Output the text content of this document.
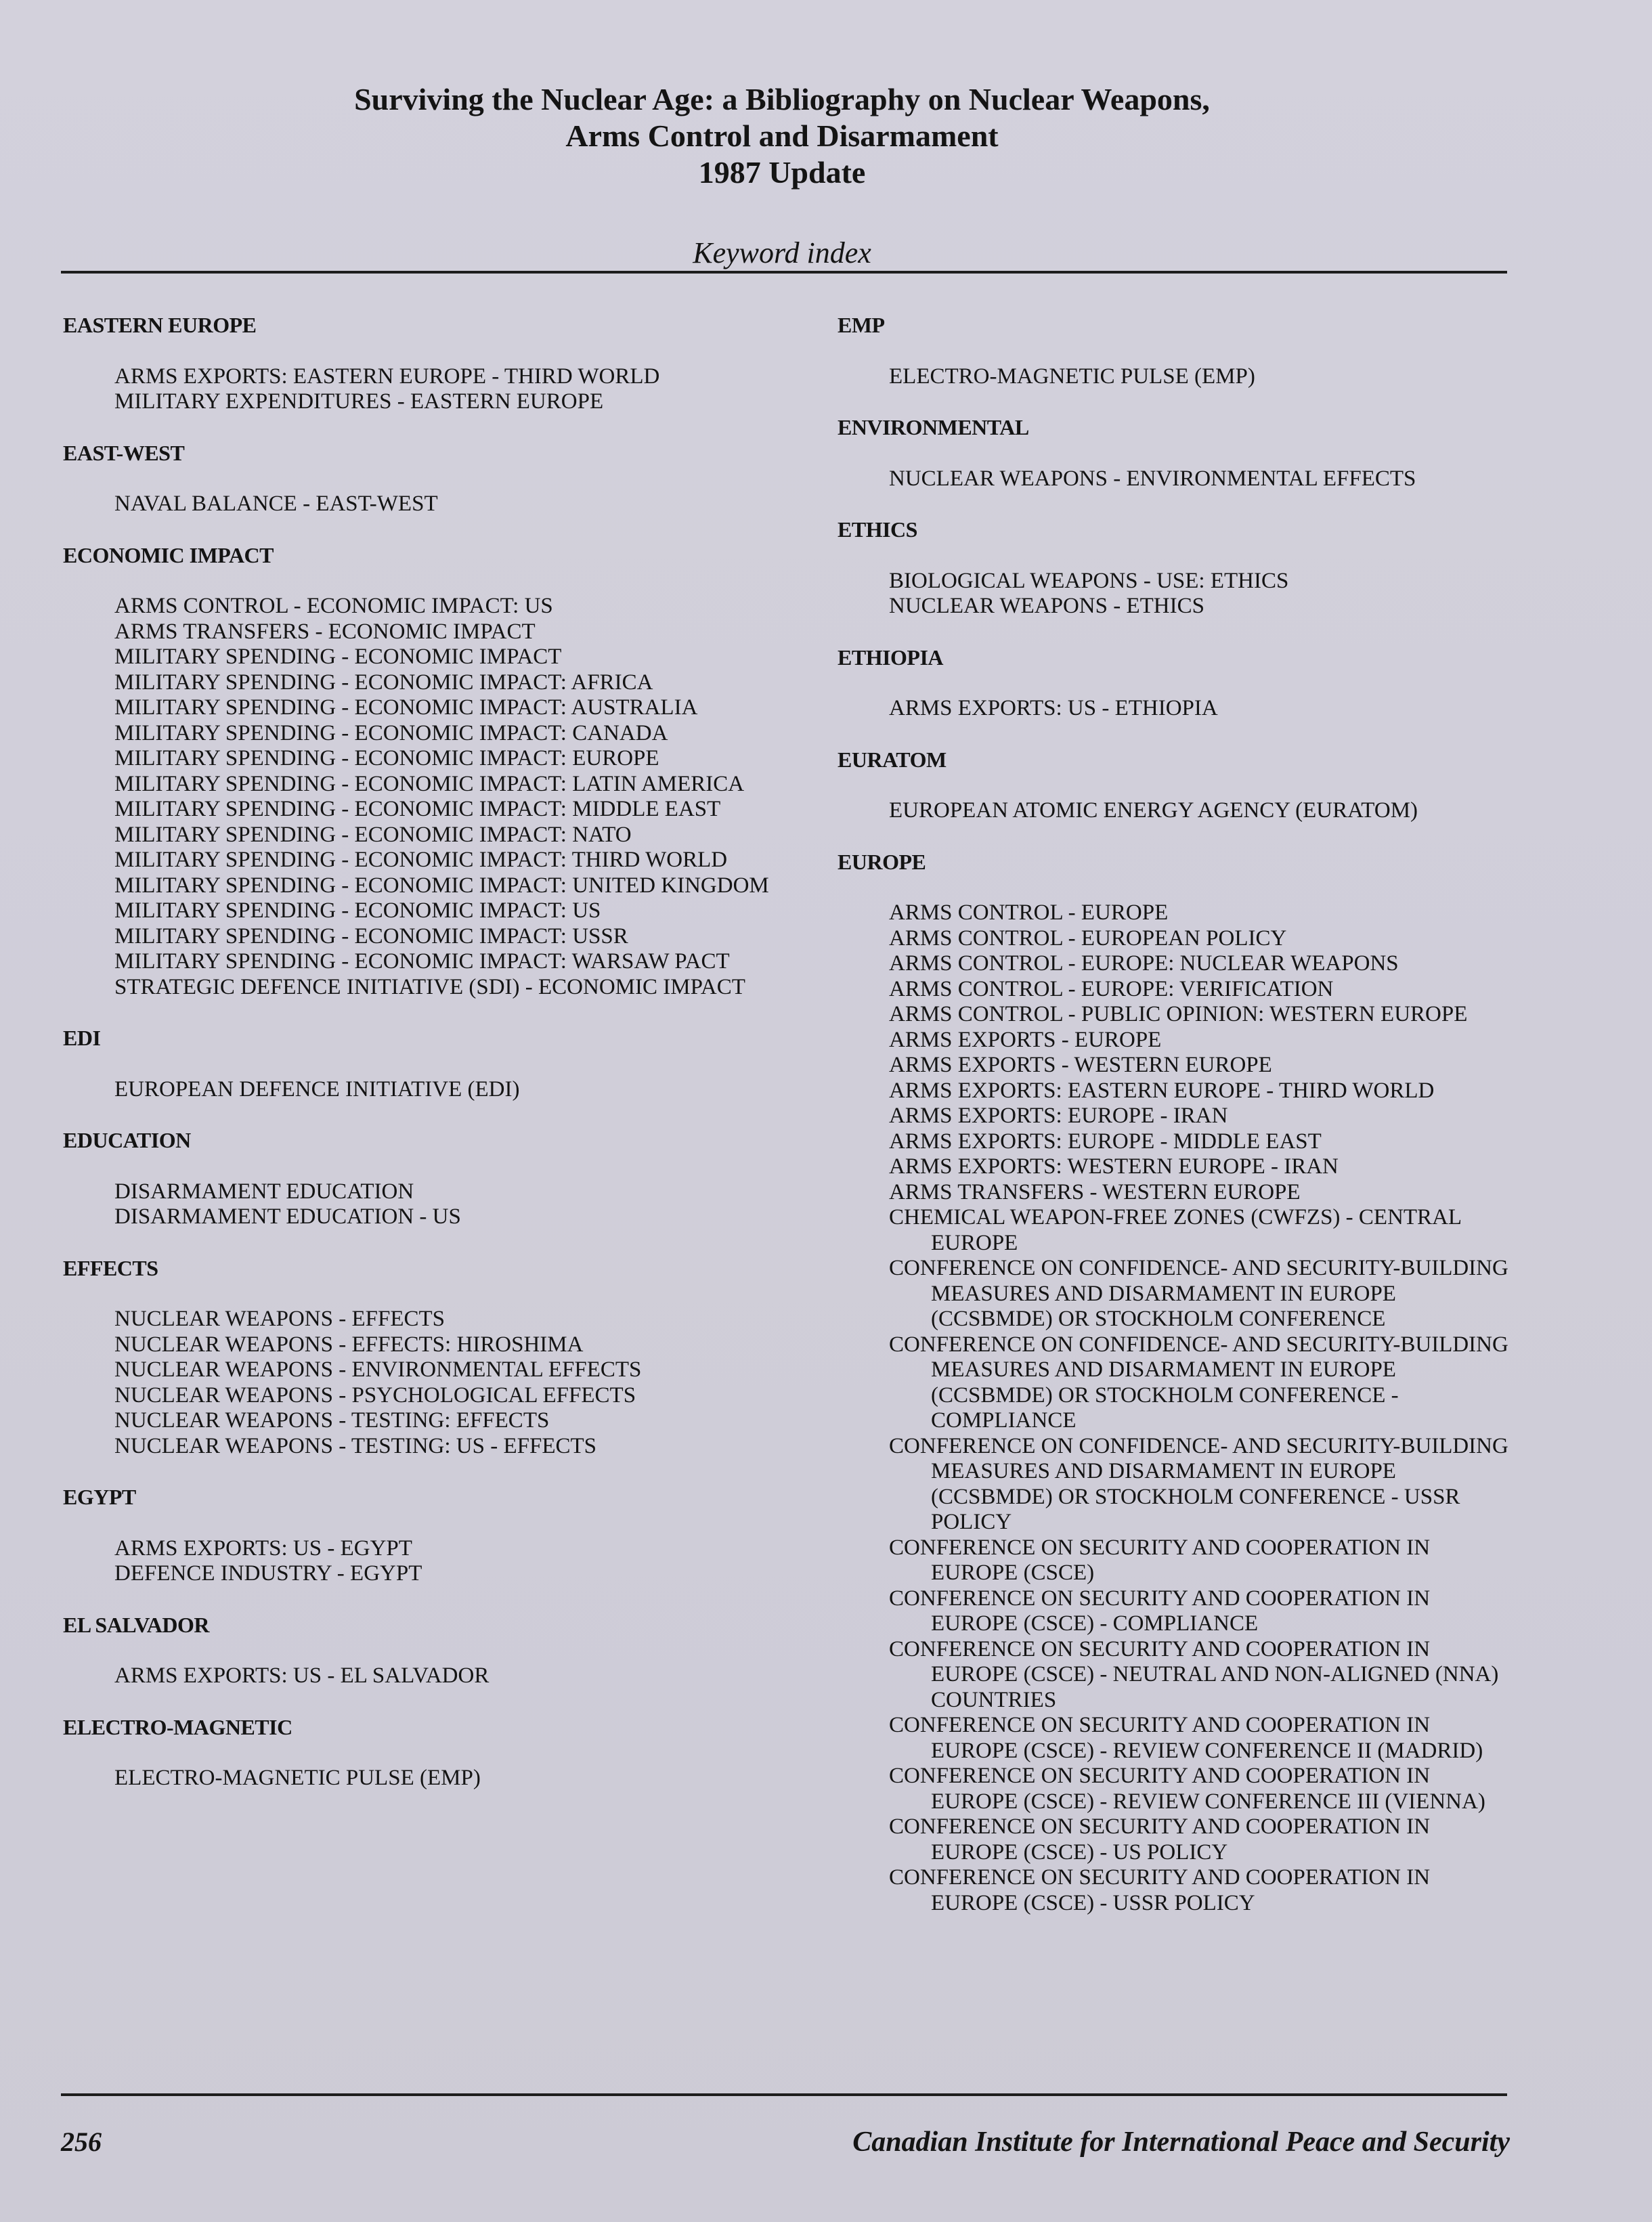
Surviving the Nuclear Age: a Bibliography on Nuclear Weapons,
Arms Control and Disarmament
1987 Update
Keyword index
EASTERN EUROPE
ARMS EXPORTS: EASTERN EUROPE - THIRD WORLD
MILITARY EXPENDITURES - EASTERN EUROPE
EAST-WEST
NAVAL BALANCE - EAST-WEST
ECONOMIC IMPACT
ARMS CONTROL - ECONOMIC IMPACT: US
ARMS TRANSFERS - ECONOMIC IMPACT
MILITARY SPENDING - ECONOMIC IMPACT
MILITARY SPENDING - ECONOMIC IMPACT: AFRICA
MILITARY SPENDING - ECONOMIC IMPACT: AUSTRALIA
MILITARY SPENDING - ECONOMIC IMPACT: CANADA
MILITARY SPENDING - ECONOMIC IMPACT: EUROPE
MILITARY SPENDING - ECONOMIC IMPACT: LATIN AMERICA
MILITARY SPENDING - ECONOMIC IMPACT: MIDDLE EAST
MILITARY SPENDING - ECONOMIC IMPACT: NATO
MILITARY SPENDING - ECONOMIC IMPACT: THIRD WORLD
MILITARY SPENDING - ECONOMIC IMPACT: UNITED KINGDOM
MILITARY SPENDING - ECONOMIC IMPACT: US
MILITARY SPENDING - ECONOMIC IMPACT: USSR
MILITARY SPENDING - ECONOMIC IMPACT: WARSAW PACT
STRATEGIC DEFENCE INITIATIVE (SDI) - ECONOMIC IMPACT
EDI
EUROPEAN DEFENCE INITIATIVE (EDI)
EDUCATION
DISARMAMENT EDUCATION
DISARMAMENT EDUCATION - US
EFFECTS
NUCLEAR WEAPONS - EFFECTS
NUCLEAR WEAPONS - EFFECTS: HIROSHIMA
NUCLEAR WEAPONS - ENVIRONMENTAL EFFECTS
NUCLEAR WEAPONS - PSYCHOLOGICAL EFFECTS
NUCLEAR WEAPONS - TESTING: EFFECTS
NUCLEAR WEAPONS - TESTING: US - EFFECTS
EGYPT
ARMS EXPORTS: US - EGYPT
DEFENCE INDUSTRY - EGYPT
EL SALVADOR
ARMS EXPORTS: US - EL SALVADOR
ELECTRO-MAGNETIC
ELECTRO-MAGNETIC PULSE (EMP)
EMP
ELECTRO-MAGNETIC PULSE (EMP)
ENVIRONMENTAL
NUCLEAR WEAPONS - ENVIRONMENTAL EFFECTS
ETHICS
BIOLOGICAL WEAPONS - USE: ETHICS
NUCLEAR WEAPONS - ETHICS
ETHIOPIA
ARMS EXPORTS: US - ETHIOPIA
EURATOM
EUROPEAN ATOMIC ENERGY AGENCY (EURATOM)
EUROPE
ARMS CONTROL - EUROPE
ARMS CONTROL - EUROPEAN POLICY
ARMS CONTROL - EUROPE: NUCLEAR WEAPONS
ARMS CONTROL - EUROPE: VERIFICATION
ARMS CONTROL - PUBLIC OPINION: WESTERN EUROPE
ARMS EXPORTS - EUROPE
ARMS EXPORTS - WESTERN EUROPE
ARMS EXPORTS: EASTERN EUROPE - THIRD WORLD
ARMS EXPORTS: EUROPE - IRAN
ARMS EXPORTS: EUROPE - MIDDLE EAST
ARMS EXPORTS: WESTERN EUROPE - IRAN
ARMS TRANSFERS - WESTERN EUROPE
CHEMICAL WEAPON-FREE ZONES (CWFZS) - CENTRAL EUROPE
CONFERENCE ON CONFIDENCE- AND SECURITY-BUILDING MEASURES AND DISARMAMENT IN EUROPE (CCSBMDE) OR STOCKHOLM CONFERENCE
CONFERENCE ON CONFIDENCE- AND SECURITY-BUILDING MEASURES AND DISARMAMENT IN EUROPE (CCSBMDE) OR STOCKHOLM CONFERENCE - COMPLIANCE
CONFERENCE ON CONFIDENCE- AND SECURITY-BUILDING MEASURES AND DISARMAMENT IN EUROPE (CCSBMDE) OR STOCKHOLM CONFERENCE - USSR POLICY
CONFERENCE ON SECURITY AND COOPERATION IN EUROPE (CSCE)
CONFERENCE ON SECURITY AND COOPERATION IN EUROPE (CSCE) - COMPLIANCE
CONFERENCE ON SECURITY AND COOPERATION IN EUROPE (CSCE) - NEUTRAL AND NON-ALIGNED (NNA) COUNTRIES
CONFERENCE ON SECURITY AND COOPERATION IN EUROPE (CSCE) - REVIEW CONFERENCE II (MADRID)
CONFERENCE ON SECURITY AND COOPERATION IN EUROPE (CSCE) - REVIEW CONFERENCE III (VIENNA)
CONFERENCE ON SECURITY AND COOPERATION IN EUROPE (CSCE) - US POLICY
CONFERENCE ON SECURITY AND COOPERATION IN EUROPE (CSCE) - USSR POLICY
256	Canadian Institute for International Peace and Security
